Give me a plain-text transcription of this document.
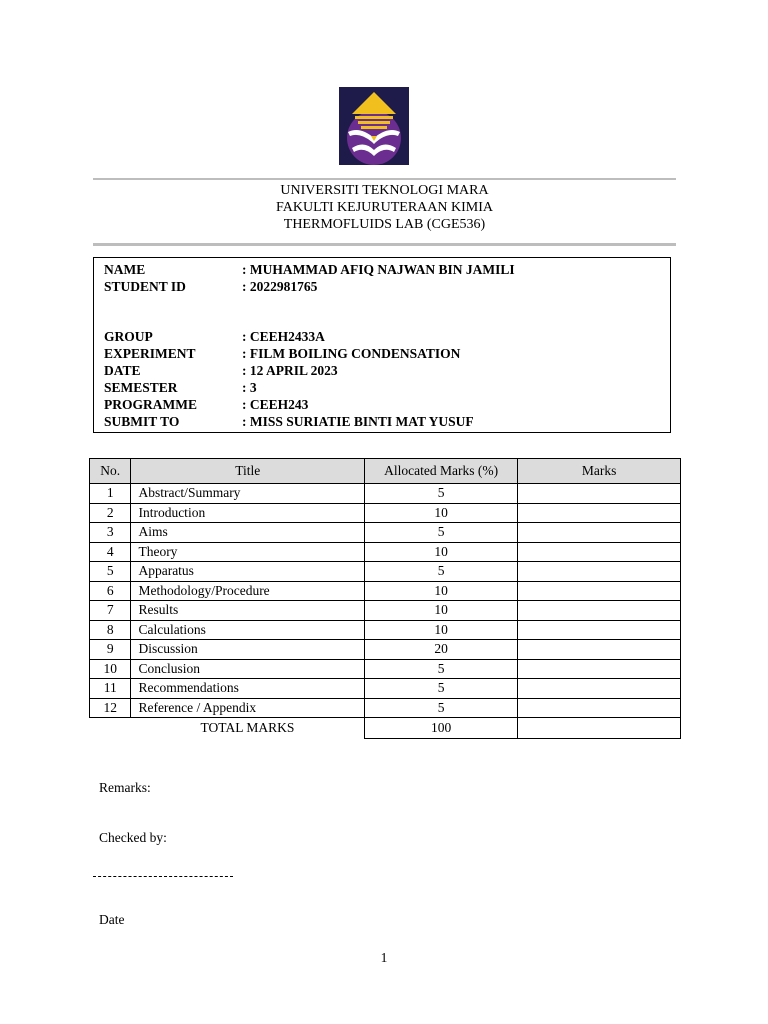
UNIVERSITI TEKNOLOGI MARA
FAKULTI KEJURUTERAAN KIMIA
THERMOFLUIDS LAB (CGE536)
NAME	: MUHAMMAD AFIQ NAJWAN BIN JAMILI
STUDENT ID	: 2022981765
GROUP	: CEEH2433A
EXPERIMENT	: FILM BOILING CONDENSATION
DATE	: 12 APRIL 2023
SEMESTER	: 3
PROGRAMME	: CEEH243
SUBMIT TO	: MISS SURIATIE BINTI MAT YUSUF
No.	Title	Allocated Marks (%)	Marks
1	Abstract/Summary	5	
2	Introduction	10	
3	Aims	5	
4	Theory	10	
5	Apparatus	5	
6	Methodology/Procedure	10	
7	Results	10	
8	Calculations	10	
9	Discussion	20	
10	Conclusion	5	
11	Recommendations	5	
12	Reference / Appendix	5	
	TOTAL MARKS	100	
Remarks:
Checked by:
Date
1
